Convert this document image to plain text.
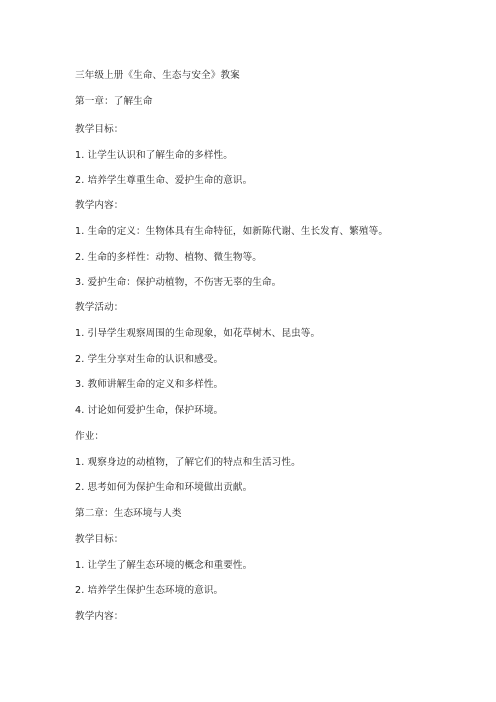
三年级上册《生命、生态与安全》教案
第一章：了解生命
教学目标：
1. 让学生认识和了解生命的多样性。
2. 培养学生尊重生命、爱护生命的意识。
教学内容：
1. 生命的定义：生物体具有生命特征，如新陈代谢、生长发育、繁殖等。
2. 生命的多样性：动物、植物、微生物等。
3. 爱护生命：保护动植物，不伤害无辜的生命。
教学活动：
1. 引导学生观察周围的生命现象，如花草树木、昆虫等。
2. 学生分享对生命的认识和感受。
3. 教师讲解生命的定义和多样性。
4. 讨论如何爱护生命，保护环境。
作业：
1. 观察身边的动植物，了解它们的特点和生活习性。
2. 思考如何为保护生命和环境做出贡献。
第二章：生态环境与人类
教学目标：
1. 让学生了解生态环境的概念和重要性。
2. 培养学生保护生态环境的意识。
教学内容：
